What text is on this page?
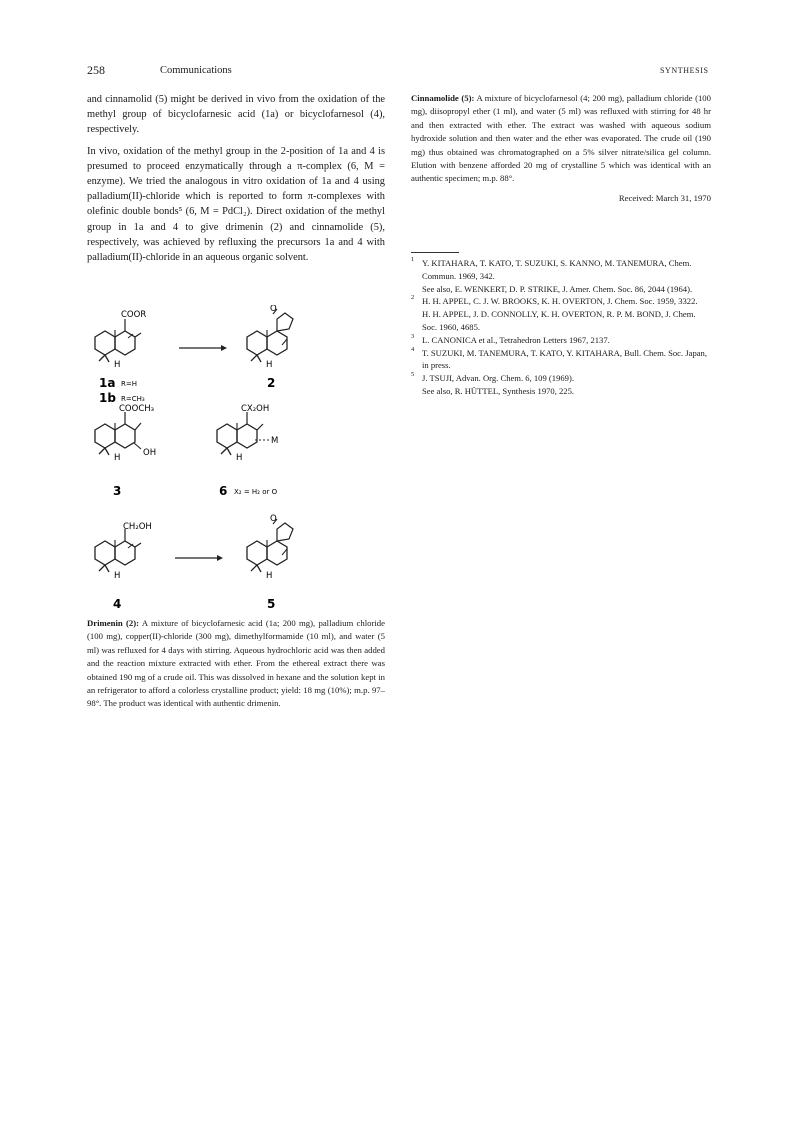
258	Communications	SYNTHESIS

and cinnamolid (5) might be derived in vivo from the oxidation of the methyl group of bicyclofarnesic acid (1a) or bicyclofarnesol (4), respectively.

In vivo, oxidation of the methyl group in the 2-position of 1a and 4 is presumed to proceed enzymatically through a π-complex (6, M = enzyme). We tried the analogous in vitro oxidation of 1a and 4 using palladium(II)-chloride which is reported to form π-complexes with olefinic double bonds⁵ (6, M = PdCl₂). Direct oxidation of the methyl group in 1a and 4 to give drimenin (2) and cinnamolide (5), respectively, was achieved by refluxing the precursors 1a and 4 with palladium(II)-chloride in an aqueous organic solvent.

COOR
H
1a R=H
1b R=CH₃
O
H
2
COOCH₃
OH
H
3
CX₂OH
M
H
6 X₂ = H₂ or O
CH₂OH
H
4
O
H
5

Drimenin (2): A mixture of bicyclofarnesic acid (1a; 200 mg), palladium chloride (100 mg), copper(II)-chloride (300 mg), dimethylformamide (10 ml), and water (5 ml) was refluxed for 4 days with stirring. Aqueous hydrochloric acid was then added and the reaction mixture extracted with ether. From the ethereal extract there was obtained 190 mg of a crude oil. This was dissolved in hexane and the solution kept in an refrigerator to afford a colorless crystalline product; yield: 18 mg (10%); m.p. 97–98°. The product was identical with authentic drimenin.

Cinnamolide (5): A mixture of bicyclofarnesol (4; 200 mg), palladium chloride (100 mg), diisopropyl ether (1 ml), and water (5 ml) was refluxed with stirring for 48 hr and then extracted with ether. The extract was washed with aqueous sodium hydroxide solution and then water and the ether was evaporated. The crude oil (190 mg) thus obtained was chromatographed on a 5% silver nitrate/silica gel column. Elution with benzene afforded 20 mg of crystalline 5 which was identical with an authentic specimen; m.p. 88°.

Received: March 31, 1970

1 Y. KITAHARA, T. KATO, T. SUZUKI, S. KANNO, M. TANEMURA, Chem. Commun. 1969, 342.
See also, E. WENKERT, D. P. STRIKE, J. Amer. Chem. Soc. 86, 2044 (1964).
2 H. H. APPEL, C. J. W. BROOKS, K. H. OVERTON, J. Chem. Soc. 1959, 3322.
H. H. APPEL, J. D. CONNOLLY, K. H. OVERTON, R. P. M. BOND, J. Chem. Soc. 1960, 4685.
3 L. CANONICA et al., Tetrahedron Letters 1967, 2137.
4 T. SUZUKI, M. TANEMURA, T. KATO, Y. KITAHARA, Bull. Chem. Soc. Japan, in press.
5 J. TSUJI, Advan. Org. Chem. 6, 109 (1969).
See also, R. HÜTTEL, Synthesis 1970, 225.
